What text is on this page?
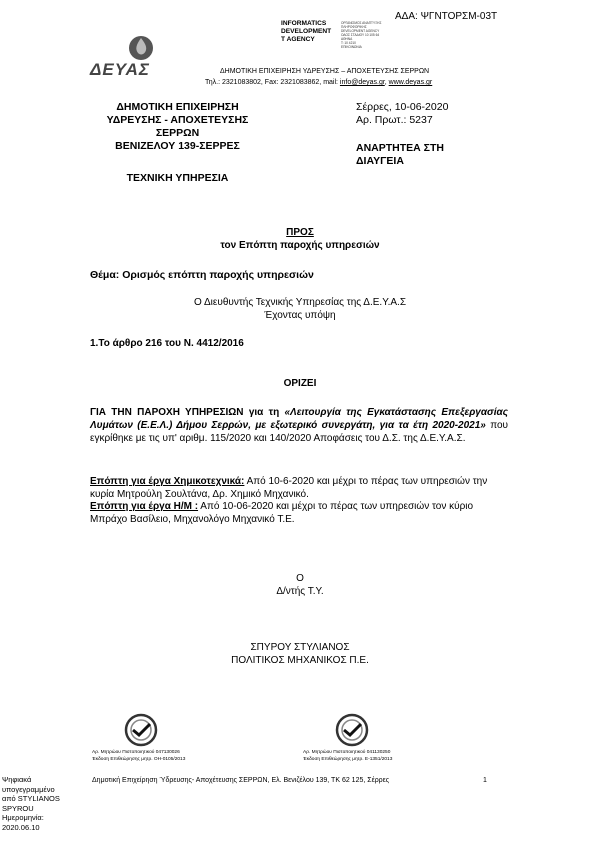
ΑΔΑ: ΨΓΝΤΟΡΣΜ-03Τ
ΔΕΥΑΣ
INFORMATICS
DEVELOPMENT
T AGENCY
ΟΡΓΑΝΙΣΜΟΣ ΑΝΑΠΤΥΞΗΣ
ΠΛΗΡΟΦΟΡΙΚΗΣ
DEVELOPMENT AGENCY
ΟΔΟΣ ΣΤΑΔΙΟΥ 10 105 64
ΑΘΗΝΑ
Τ: 10 4210
ΕΠΙΚΟΙΝΩΝΙΑ
ΔΗΜΟΤΙΚΗ ΕΠΙΧΕΙΡΗΣΗ ΥΔΡΕΥΣΗΣ – ΑΠΟΧΕΤΕΥΣΗΣ ΣΕΡΡΩΝ
Τηλ.: 2321083802, Fax: 2321083862, mail: info@deyas.gr, www.deyas.gr
ΔΗΜΟΤΙΚΗ ΕΠΙΧΕΙΡΗΣΗ
ΥΔΡΕΥΣΗΣ - ΑΠΟΧΕΤΕΥΣΗΣ
ΣΕΡΡΩΝ
ΒΕΝΙΖΕΛΟΥ 139-ΣΕΡΡΕΣ
ΤΕΧΝΙΚΗ ΥΠΗΡΕΣΙΑ
Σέρρες, 10-06-2020
Αρ. Πρωτ.: 5237
ΑΝΑΡΤΗΤΕΑ ΣΤΗ
ΔΙΑΥΓΕΙΑ
ΠΡΟΣ
τον Επόπτη παροχής υπηρεσιών
Θέμα: Ορισμός επόπτη παροχής υπηρεσιών
Ο Διευθυντής Τεχνικής Υπηρεσίας της Δ.Ε.Υ.Α.Σ
Έχοντας υπόψη
1.Το άρθρο 216 του Ν. 4412/2016
ΟΡΙΖΕΙ
ΓΙΑ ΤΗΝ ΠΑΡΟΧΗ ΥΠΗΡΕΣΙΩΝ για τη «Λειτουργία της Εγκατάστασης Επεξεργασίας Λυμάτων (Ε.Ε.Λ.) Δήμου Σερρών, με εξωτερικό συνεργάτη, για τα έτη 2020-2021» που εγκρίθηκε με τις υπ' αριθμ. 115/2020 και 140/2020 Αποφάσεις του Δ.Σ. της Δ.Ε.Υ.Α.Σ.
Επόπτη για έργα Χημικοτεχνικά: Από 10-6-2020 και μέχρι το πέρας των υπηρεσιών την κυρία Μητρούλη Σουλτάνα, Δρ. Χημικό Μηχανικό.
Επόπτη για έργα Η/Μ : Από 10-06-2020 και μέχρι το πέρας των υπηρεσιών τον κύριο Μπράχο Βασίλειο, Μηχανολόγο Μηχανικό Τ.Ε.
Ο
Δ/ντής Τ.Υ.
ΣΠΥΡΟΥ ΣΤΥΛΙΑΝΟΣ
ΠΟΛΙΤΙΚΟΣ ΜΗΧΑΝΙΚΟΣ Π.Ε.
Αρ. Μητρώου Πιστοποιητικού 047130026
Έκδοση Επιθεώρησης μητρ. ΟΗ-0105/2013
Αρ. Μητρώου Πιστοποιητικού 041130250
Έκδοση Επιθεώρησης μητρ. Ε-1351/2013
Δημοτική Επιχείρηση Ύδρευσης- Αποχέτευσης ΣΕΡΡΩΝ, Ελ. Βενιζέλου 139, ΤΚ 62 125, Σέρρες	1
Ψηφιακά
υπογεγραμμένο
από STYLIANOS
SPYROU
Ημερομηνία:
2020.06.10
